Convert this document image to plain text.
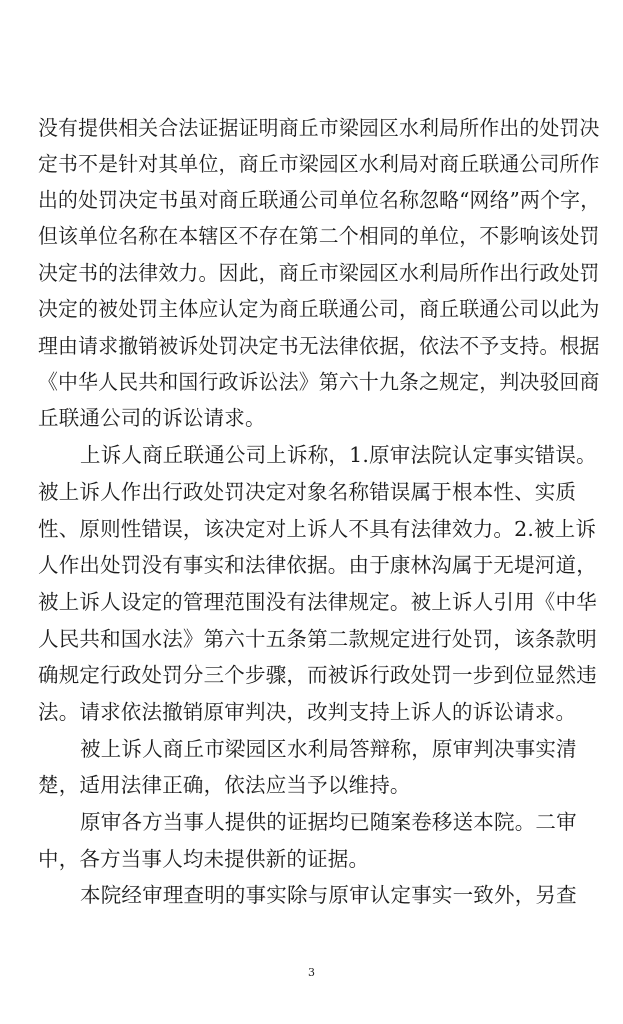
没有提供相关合法证据证明商丘市梁园区水利局所作出的处罚决
定书不是针对其单位，商丘市梁园区水利局对商丘联通公司所作
出的处罚决定书虽对商丘联通公司单位名称忽略“网络”两个字，
但该单位名称在本辖区不存在第二个相同的单位，不影响该处罚
决定书的法律效力。因此，商丘市梁园区水利局所作出行政处罚
决定的被处罚主体应认定为商丘联通公司，商丘联通公司以此为
理由请求撤销被诉处罚决定书无法律依据，依法不予支持。根据
《中华人民共和国行政诉讼法》第六十九条之规定，判决驳回商
丘联通公司的诉讼请求。
上诉人商丘联通公司上诉称，1.原审法院认定事实错误。
被上诉人作出行政处罚决定对象名称错误属于根本性、实质
性、原则性错误，该决定对上诉人不具有法律效力。2.被上诉
人作出处罚没有事实和法律依据。由于康林沟属于无堤河道，
被上诉人设定的管理范围没有法律规定。被上诉人引用《中华
人民共和国水法》第六十五条第二款规定进行处罚，该条款明
确规定行政处罚分三个步骤，而被诉行政处罚一步到位显然违
法。请求依法撤销原审判决，改判支持上诉人的诉讼请求。
被上诉人商丘市梁园区水利局答辩称，原审判决事实清
楚，适用法律正确，依法应当予以维持。
原审各方当事人提供的证据均已随案卷移送本院。二审
中，各方当事人均未提供新的证据。
本院经审理查明的事实除与原审认定事实一致外，另查
3
